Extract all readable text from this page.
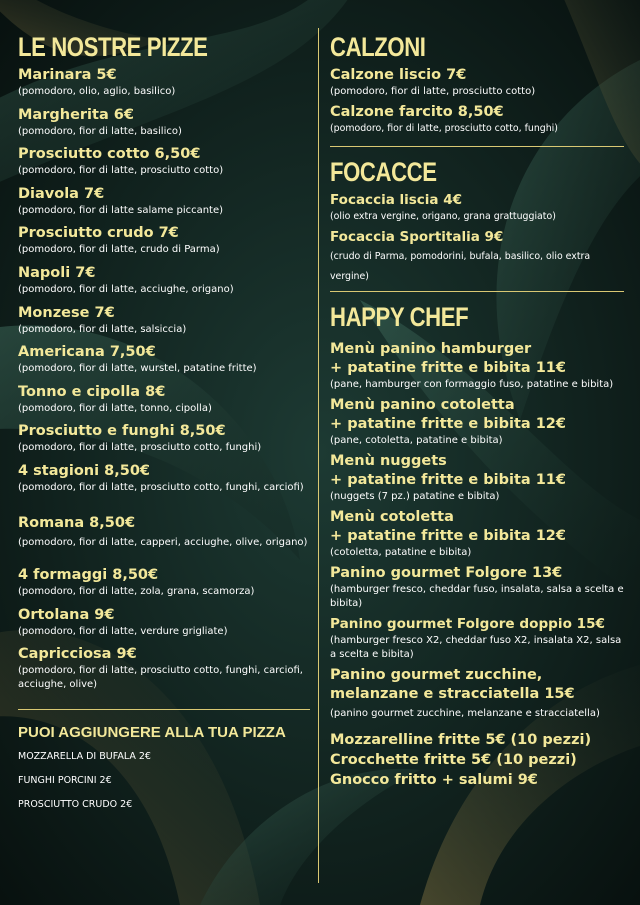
LE NOSTRE PIZZE
Marinara 5€
(pomodoro, olio, aglio, basilico)
Margherita 6€
(pomodoro, fior di latte, basilico)
Prosciutto cotto 6,50€
(pomodoro, fior di latte, prosciutto cotto)
Diavola 7€
(pomodoro, fior di latte salame piccante)
Prosciutto crudo 7€
(pomodoro, fior di latte, crudo di Parma)
Napoli 7€
(pomodoro, fior di latte, acciughe, origano)
Monzese 7€
(pomodoro, fior di latte, salsiccia)
Americana 7,50€
(pomodoro, fior di latte, wurstel, patatine fritte)
Tonno e cipolla 8€
(pomodoro, fior di latte, tonno, cipolla)
Prosciutto e funghi 8,50€
(pomodoro, fior di latte, prosciutto cotto, funghi)
4 stagioni 8,50€
(pomodoro, fior di latte, prosciutto cotto, funghi, carciofi)
Romana 8,50€
(pomodoro, fior di latte, capperi, acciughe, olive, origano)
4 formaggi 8,50€
(pomodoro, fior di latte, zola, grana, scamorza)
Ortolana 9€
(pomodoro, fior di latte, verdure grigliate)
Capricciosa 9€
(pomodoro, fior di latte, prosciutto cotto, funghi, carciofi, acciughe, olive)
PUOI AGGIUNGERE ALLA TUA PIZZA
MOZZARELLA DI BUFALA 2€
FUNGHI PORCINI 2€
PROSCIUTTO CRUDO 2€
CALZONI
Calzone liscio 7€
(pomodoro, fior di latte, prosciutto cotto)
Calzone farcito 8,50€
(pomodoro, fior di latte, prosciutto cotto, funghi)
FOCACCE
Focaccia liscia 4€
(olio extra vergine, origano, grana grattuggiato)
Focaccia Sportitalia 9€
(crudo di Parma, pomodorini, bufala, basilico, olio extra vergine)
HAPPY CHEF
Menù panino hamburger
+ patatine fritte e bibita 11€
(pane, hamburger con formaggio fuso, patatine e bibita)
Menù panino cotoletta
+ patatine fritte e bibita 12€
(pane, cotoletta, patatine e bibita)
Menù nuggets
+ patatine fritte e bibita 11€
(nuggets (7 pz.) patatine e bibita)
Menù cotoletta
+ patatine fritte e bibita 12€
(cotoletta, patatine e bibita)
Panino gourmet Folgore 13€
(hamburger fresco, cheddar fuso, insalata, salsa a scelta e bibita)
Panino gourmet Folgore doppio 15€
(hamburger fresco X2, cheddar fuso X2, insalata X2, salsa a scelta e bibita)
Panino gourmet zucchine,
melanzane e stracciatella 15€
(panino gourmet zucchine, melanzane e stracciatella)
Mozzarelline fritte 5€ (10 pezzi)
Crocchette fritte 5€ (10 pezzi)
Gnocco fritto + salumi 9€
